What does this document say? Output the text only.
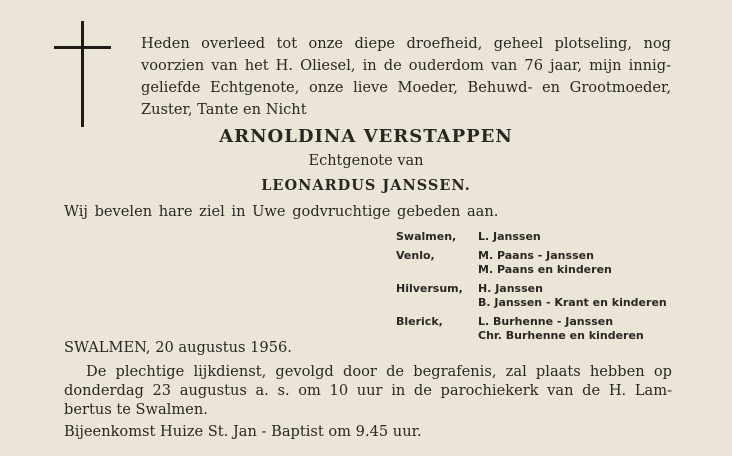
Heden overleed tot onze diepe droefheid, geheel plotseling, nog
voorzien van het H. Oliesel, in de ouderdom van 76 jaar, mijn innig-
geliefde Echtgenote, onze lieve Moeder, Behuwd- en Grootmoeder,
Zuster, Tante en Nicht
ARNOLDINA VERSTAPPEN
Echtgenote van
LEONARDUS JANSSEN.
Wij bevelen hare ziel in Uwe godvruchtige gebeden aan.
Swalmen,	L. Janssen
Venlo,	M. Paans - Janssen
M. Paans en kinderen
Hilversum,	H. Janssen
B. Janssen - Krant en kinderen
Blerick,	L. Burhenne - Janssen
Chr. Burhenne en kinderen
SWALMEN, 20 augustus 1956.
De plechtige lijkdienst, gevolgd door de begrafenis, zal plaats hebben op
donderdag 23 augustus a. s. om 10 uur in de parochiekerk van de H. Lam-
bertus te Swalmen.
Bijeenkomst Huize St. Jan - Baptist om 9.45 uur.
